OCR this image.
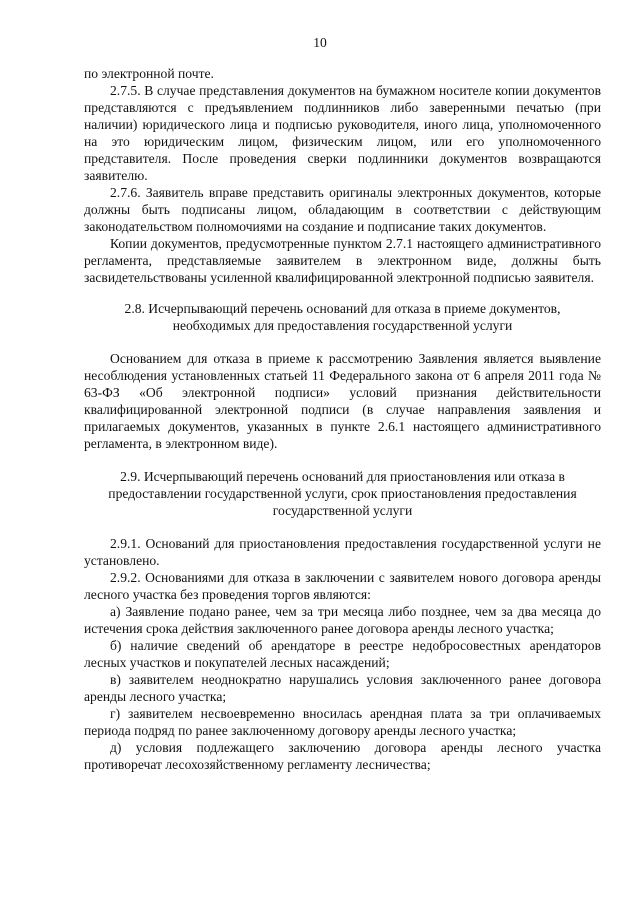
10

по электронной почте.

2.7.5. В случае представления документов на бумажном носителе копии документов представляются с предъявлением подлинников либо заверенными печатью (при наличии) юридического лица и подписью руководителя, иного лица, уполномоченного на это юридическим лицом, физическим лицом, или его уполномоченного представителя. После проведения сверки подлинники документов возвращаются заявителю.

2.7.6. Заявитель вправе представить оригиналы электронных документов, которые должны быть подписаны лицом, обладающим в соответствии с действующим законодательством полномочиями на создание и подписание таких документов.

Копии документов, предусмотренные пунктом 2.7.1 настоящего административного регламента, представляемые заявителем в электронном виде, должны быть засвидетельствованы усиленной квалифицированной электронной подписью заявителя.

2.8. Исчерпывающий перечень оснований для отказа в приеме документов, необходимых для предоставления государственной услуги

Основанием для отказа в приеме к рассмотрению Заявления является выявление несоблюдения установленных статьей 11 Федерального закона от 6 апреля 2011 года № 63-ФЗ «Об электронной подписи» условий признания действительности квалифицированной электронной подписи (в случае направления заявления и прилагаемых документов, указанных в пункте 2.6.1 настоящего административного регламента, в электронном виде).

2.9. Исчерпывающий перечень оснований для приостановления или отказа в предоставлении государственной услуги, срок приостановления предоставления государственной услуги

2.9.1. Оснований для приостановления предоставления государственной услуги не установлено.

2.9.2. Основаниями для отказа в заключении с заявителем нового договора аренды лесного участка без проведения торгов являются:

а) Заявление подано ранее, чем за три месяца либо позднее, чем за два месяца до истечения срока действия заключенного ранее договора аренды лесного участка;

б) наличие сведений об арендаторе в реестре недобросовестных арендаторов лесных участков и покупателей лесных насаждений;

в) заявителем неоднократно нарушались условия заключенного ранее договора аренды лесного участка;

г) заявителем несвоевременно вносилась арендная плата за три оплачиваемых периода подряд по ранее заключенному договору аренды лесного участка;

д) условия подлежащего заключению договора аренды лесного участка противоречат лесохозяйственному регламенту лесничества;
